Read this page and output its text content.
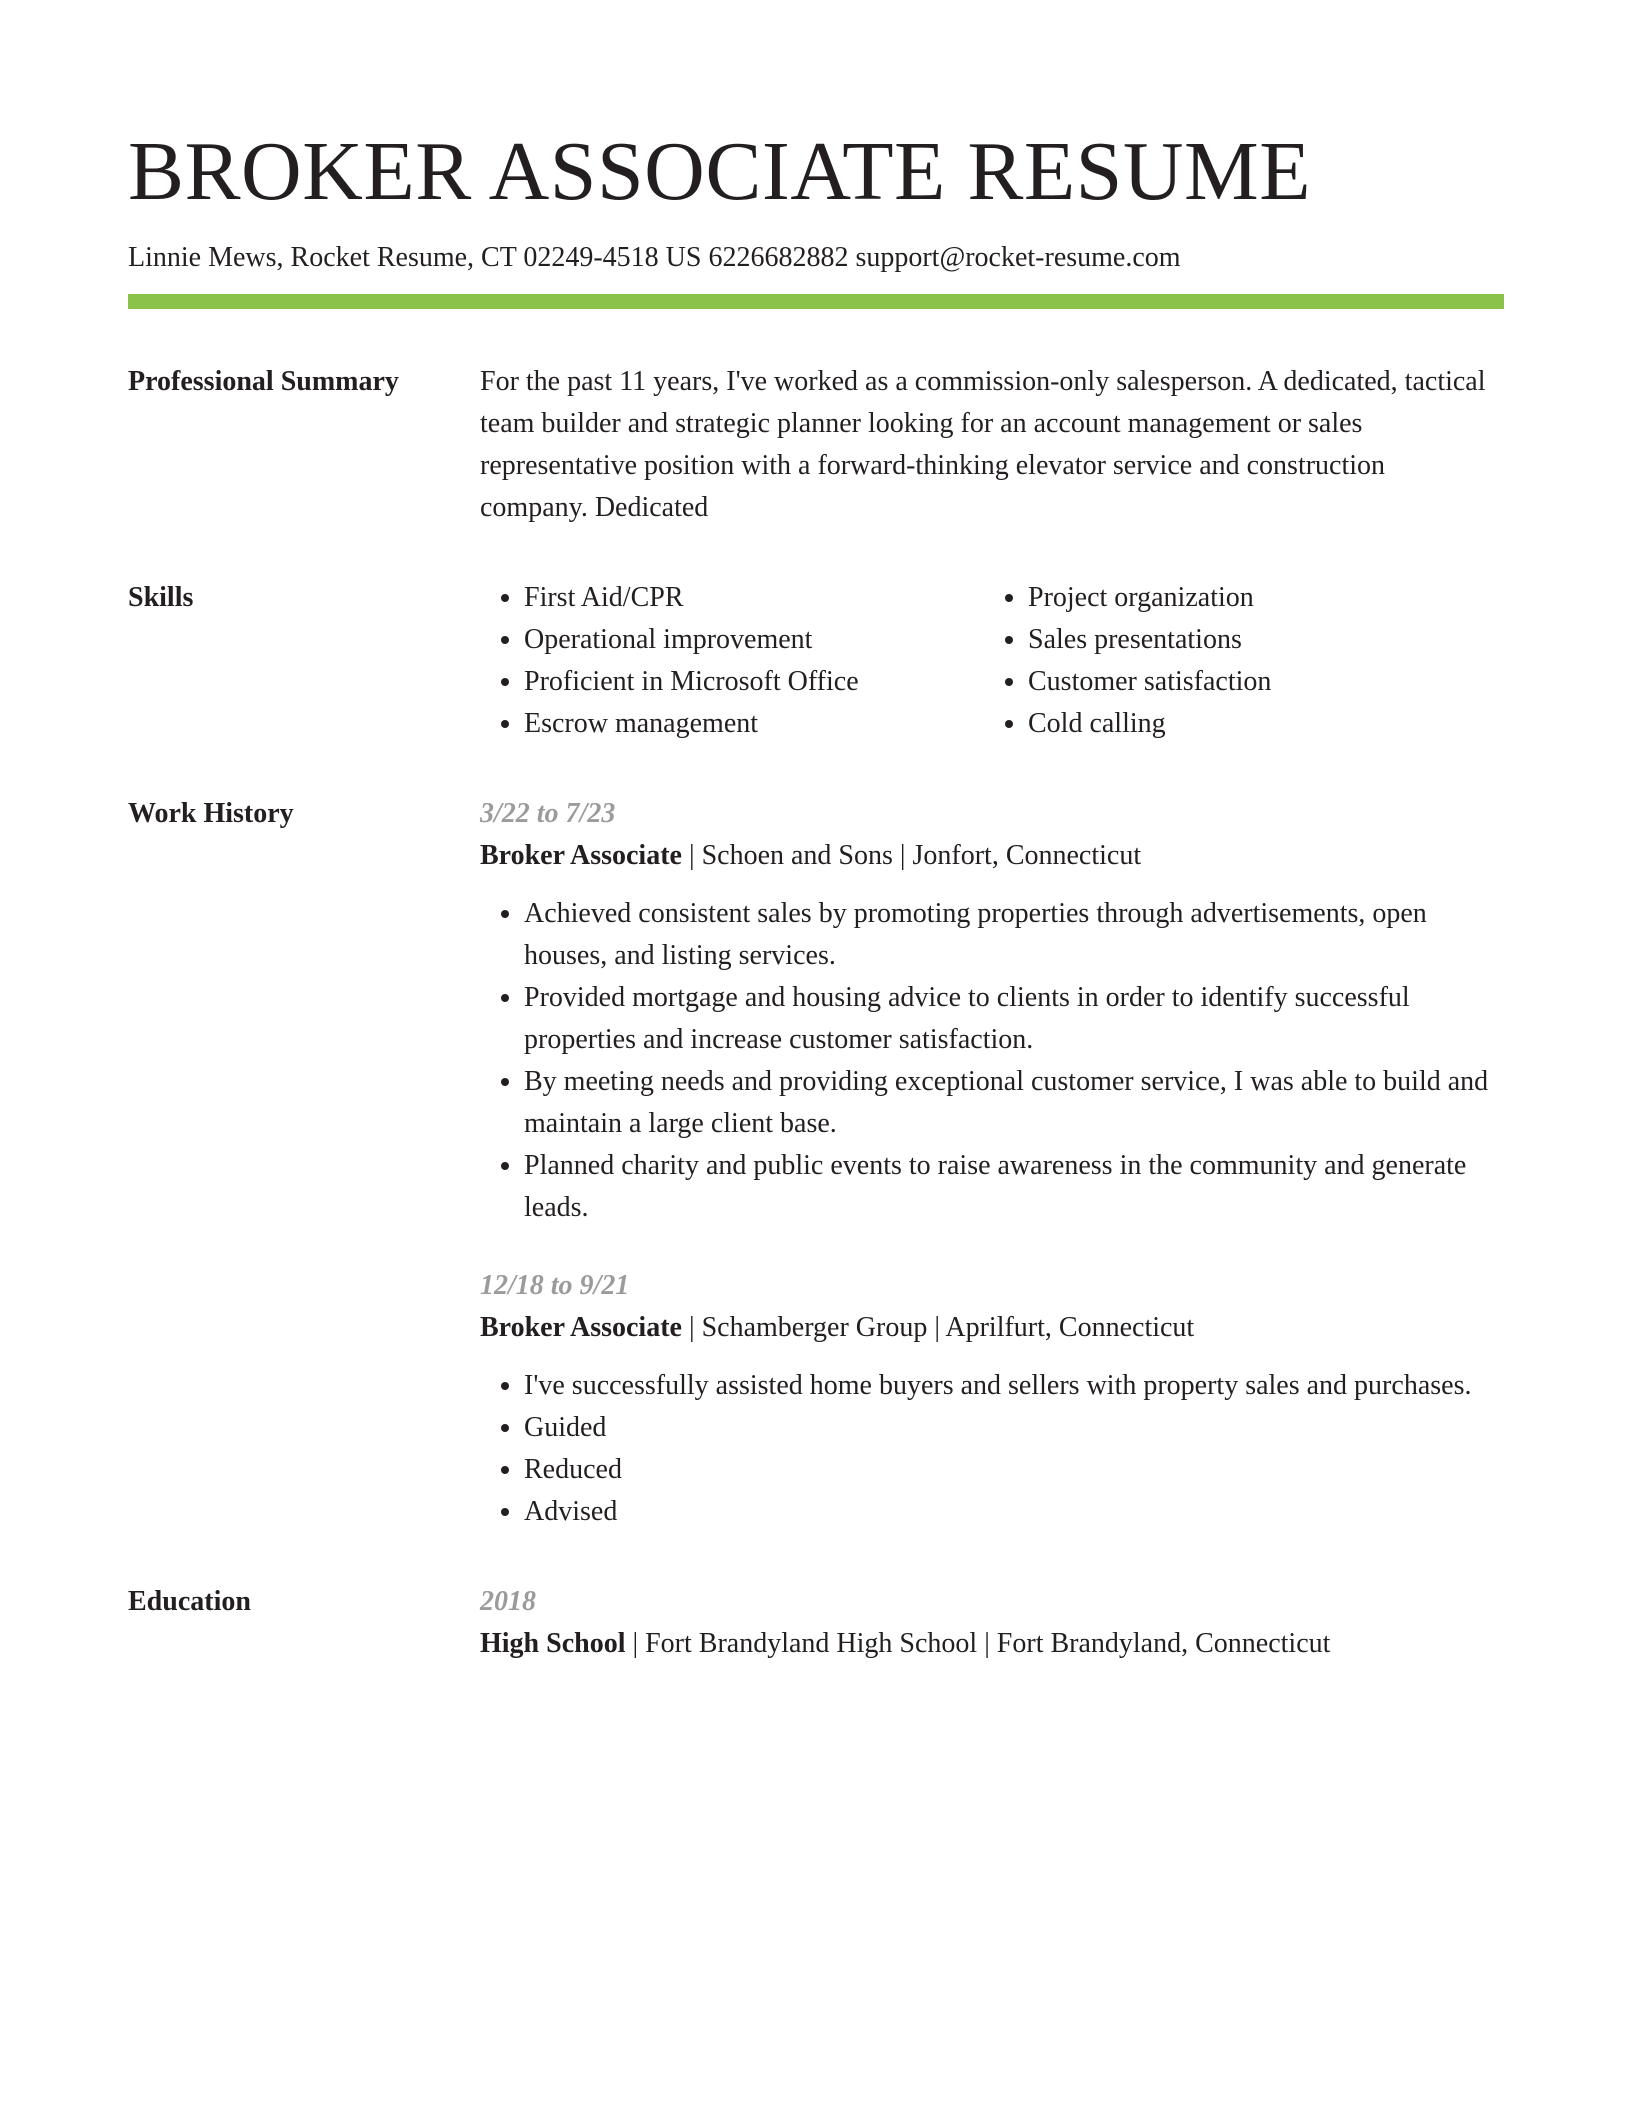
BROKER ASSOCIATE RESUME
Linnie Mews, Rocket Resume, CT 02249-4518 US 6226682882 support@rocket-resume.com
Professional Summary	For the past 11 years, I've worked as a commission-only salesperson. A dedicated, tactical team builder and strategic planner looking for an account management or sales representative position with a forward-thinking elevator service and construction company. Dedicated

Skills
•	First Aid/CPR
• Operational improvement
• Proficient in Microsoft Office
• Escrow management
• Project organization
• Sales presentations
• Customer satisfaction
• Cold calling
Work History	3/22 to 7/23
Broker Associate | Schoen and Sons | Jonfort, Connecticut
• Achieved consistent sales by promoting properties through advertisements, open houses, and listing services.
• Provided mortgage and housing advice to clients in order to identify successful properties and increase customer satisfaction.
• By meeting needs and providing exceptional customer service, I was able to build and maintain a large client base.
• Planned charity and public events to raise awareness in the community and generate leads.
12/18 to 9/21
Broker Associate | Schamberger Group | Aprilfurt, Connecticut
• I've successfully assisted home buyers and sellers with property sales and purchases.
• Guided
• Reduced
• Advised
Education	2018

High School | Fort Brandyland High School | Fort Brandyland, Connecticut
